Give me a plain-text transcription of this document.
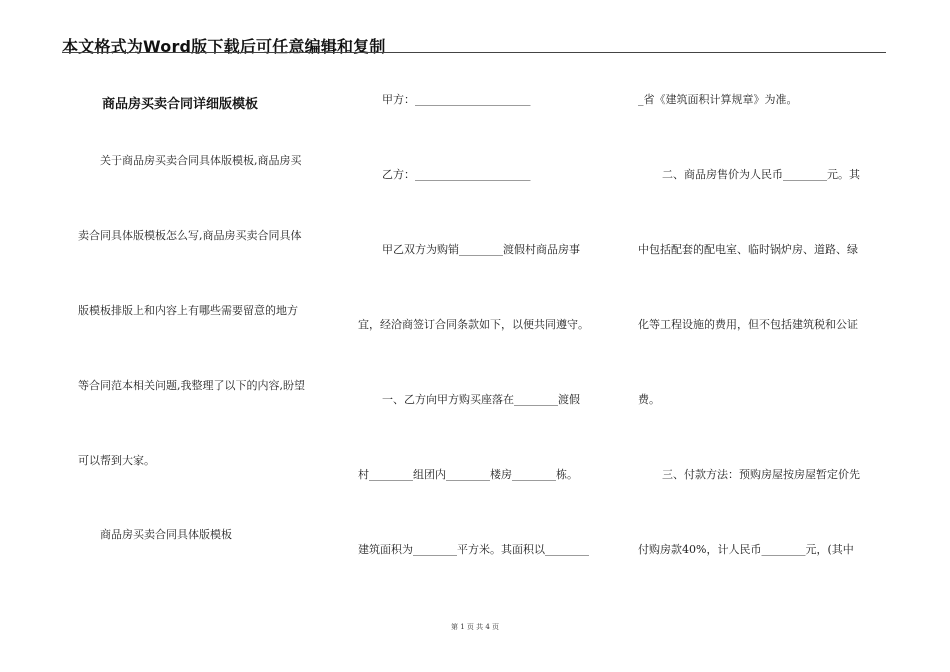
本文格式为Word版下载后可任意编辑和复制
商品房买卖合同详细版模板
关于商品房买卖合同具体版模板,商品房买
卖合同具体版模板怎么写,商品房买卖合同具体
版模板排版上和内容上有哪些需要留意的地方
等合同范本相关问题,我整理了以下的内容,盼望
可以帮到大家。
商品房买卖合同具体版模板
甲方：_____________________
乙方：_____________________
甲乙双方为购销________渡假村商品房事
宜，经洽商签订合同条款如下，以便共同遵守。
一、乙方向甲方购买座落在________渡假
村________组团内________楼房________栋。
建筑面积为________平方米。其面积以________
_省《建筑面积计算规章》为准。
二、商品房售价为人民币________元。其
中包括配套的配电室、临时锅炉房、道路、绿
化等工程设施的费用，但不包括建筑税和公证
费。
三、付款方法：预购房屋按房屋暂定价先
付购房款40%，计人民币________元，(其中
第 1 页 共 4 页
